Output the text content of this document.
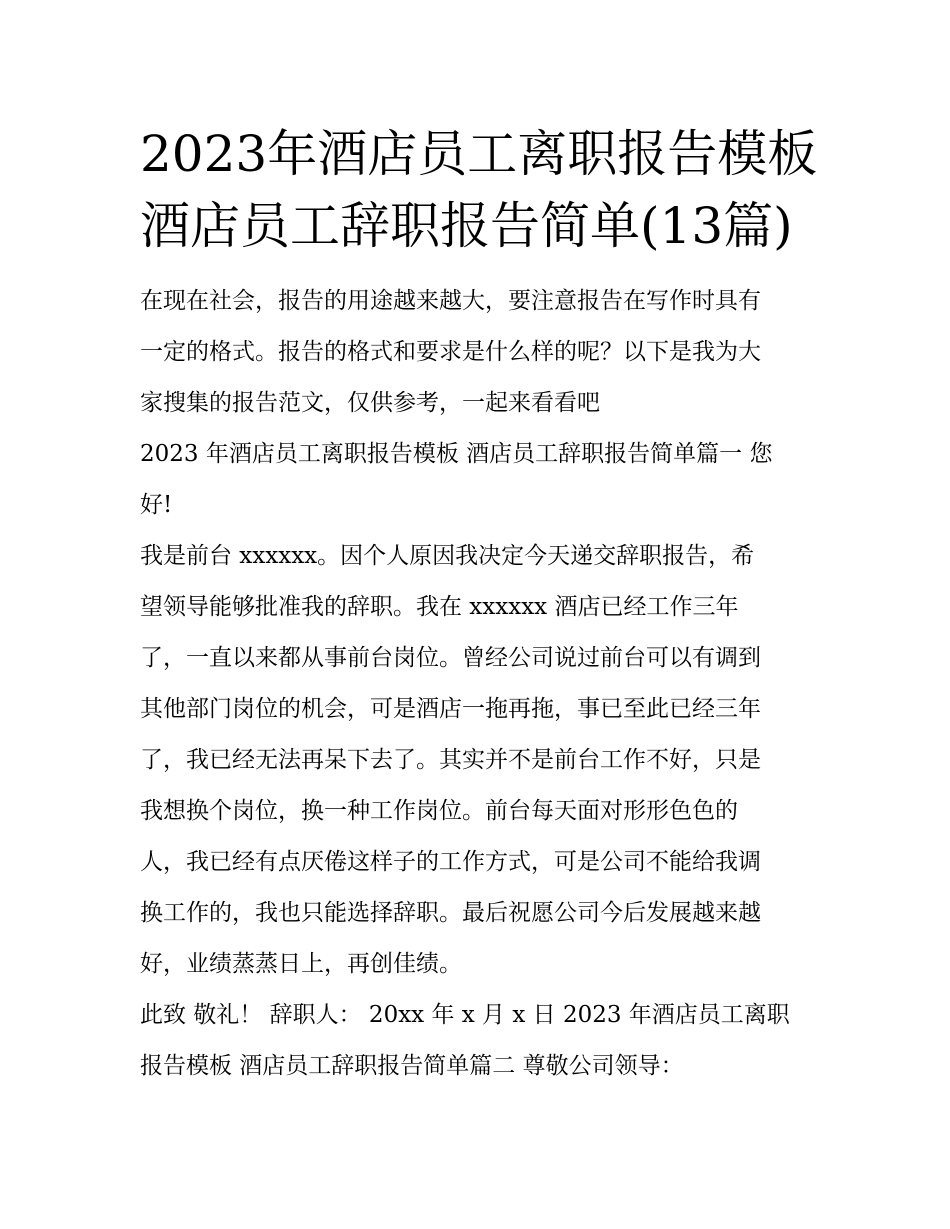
2023年酒店员工离职报告模板
酒店员工辞职报告简单(13篇)
在现在社会，报告的用途越来越大，要注意报告在写作时具有
一定的格式。报告的格式和要求是什么样的呢？以下是我为大
家搜集的报告范文，仅供参考，一起来看看吧
2023 年酒店员工离职报告模板 酒店员工辞职报告简单篇一 您
好!
我是前台 xxxxxx。因个人原因我决定今天递交辞职报告，希
望领导能够批准我的辞职。我在 xxxxxx 酒店已经工作三年
了，一直以来都从事前台岗位。曾经公司说过前台可以有调到
其他部门岗位的机会，可是酒店一拖再拖，事已至此已经三年
了，我已经无法再呆下去了。其实并不是前台工作不好，只是
我想换个岗位，换一种工作岗位。前台每天面对形形色色的
人，我已经有点厌倦这样子的工作方式，可是公司不能给我调
换工作的，我也只能选择辞职。最后祝愿公司今后发展越来越
好，业绩蒸蒸日上，再创佳绩。
此致 敬礼！ 辞职人： 20xx 年 x 月 x 日 2023 年酒店员工离职
报告模板 酒店员工辞职报告简单篇二 尊敬公司领导：
